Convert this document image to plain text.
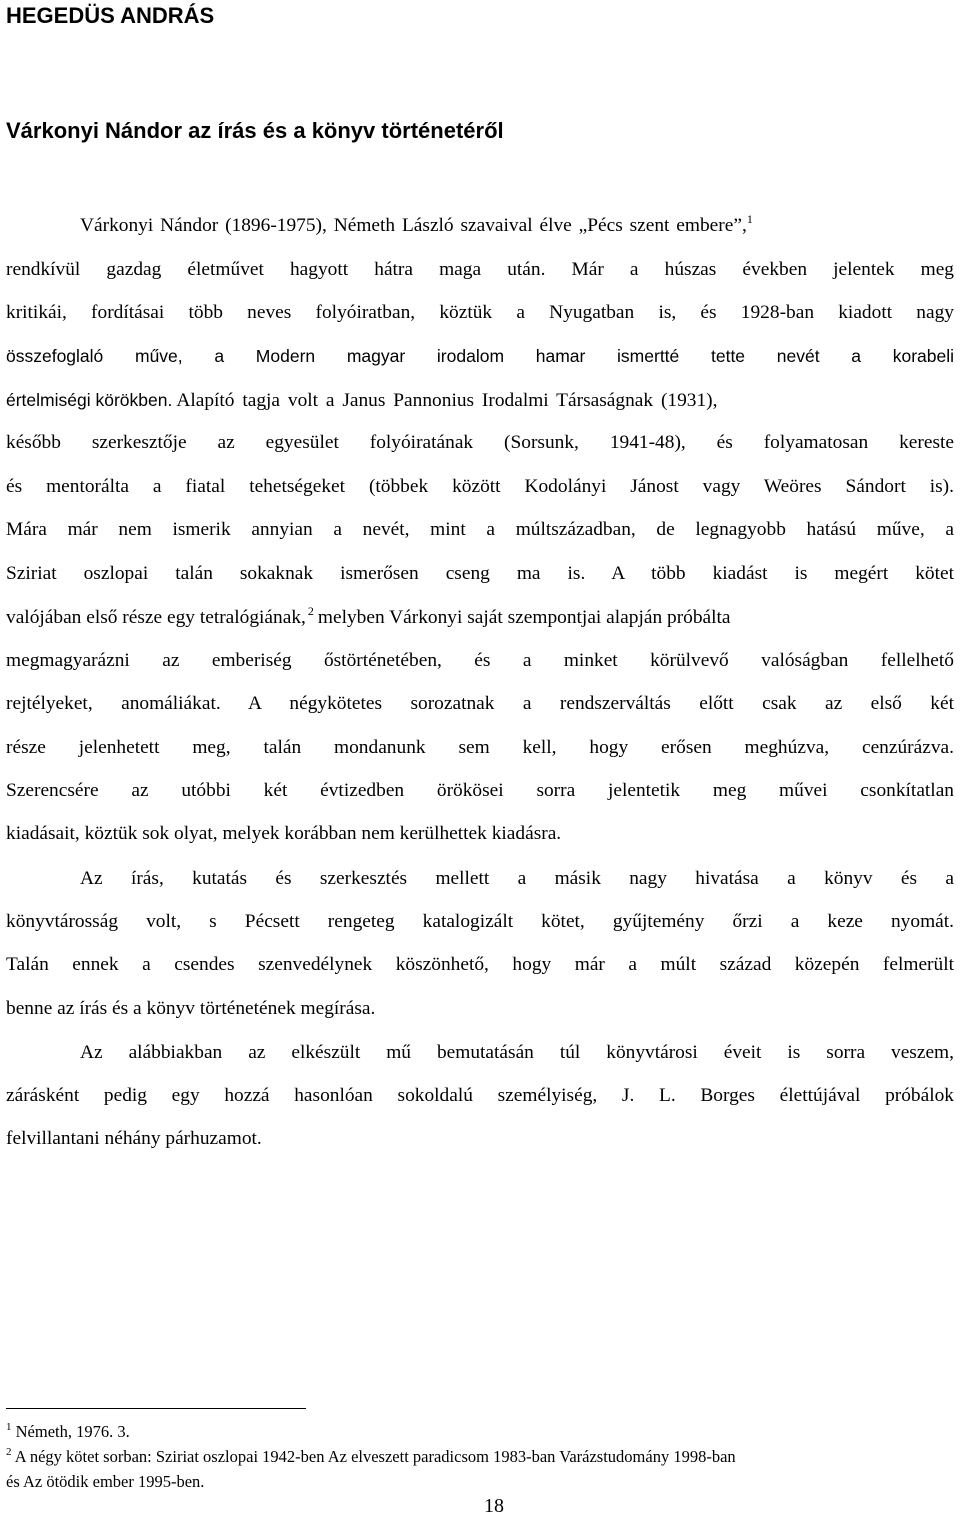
HEGEDÜS ANDRÁS
Várkonyi Nándor az írás és a könyv történetéről
Várkonyi Nándor (1896-1975), Németh László szavaival élve „Pécs szent embere”,$^1$

rendkívül gazdag életművet hagyott hátra maga után. Már a húszas években jelentek meg

kritikái, fordításai több neves folyóiratban, köztük a Nyugatban is, és 1928-ban kiadott nagy

összefoglaló műve, a Modern magyar irodalom hamar ismertté tette nevét a korabeli

értelmiségi körökben. Alapító tagja volt a Janus Pannonius Irodalmi Társaságnak (1931),

később szerkesztője az egyesület folyóiratának (Sorsunk, 1941-48), és folyamatosan kereste

és mentorálta a fiatal tehetségeket (többek között Kodolányi Jánost vagy Weöres Sándort is).

Mára már nem ismerik annyian a nevét, mint a múltszázadban, de legnagyobb hatású műve, a

Sziriat oszlopai talán sokaknak ismerősen cseng ma is. A több kiadást is megért kötet

valójában első része egy tetralógiának, $^2$ melyben Várkonyi saját szempontjai alapján próbálta

megmagyarázni az emberiség őstörténetében, és a minket körülvevő valóságban fellelhető

rejtélyeket, anomáliákat. A négykötetes sorozatnak a rendszerváltás előtt csak az első két

része jelenhetett meg, talán mondanunk sem kell, hogy erősen meghúzva, cenzúrázva.

Szerencsére az utóbbi két évtizedben örökösei sorra jelentetik meg művei csonkítatlan

kiadásait, köztük sok olyat, melyek korábban nem kerülhettek kiadásra.

Az írás, kutatás és szerkesztés mellett a másik nagy hivatása a könyv és a

könyvtárosság volt, s Pécsett rengeteg katalogizált kötet, gyűjtemény őrzi a keze nyomát.

Talán ennek a csendes szenvedélynek köszönhető, hogy már a múlt század közepén felmerült

benne az írás és a könyv történetének megírása.

Az alábbiakban az elkészült mű bemutatásán túl könyvtárosi éveit is sorra veszem,

zárásként pedig egy hozzá hasonlóan sokoldalú személyiség, J. L. Borges élettújával próbálok

felvillantani néhány párhuzamot.

$^1$ Németh, 1976. 3.
$^2$ A négy kötet sorban: Sziriat oszlopai 1942-ben Az elveszett paradicsom 1983-ban Varázstudomány 1998-ban
és Az ötödik ember 1995-ben.
18
